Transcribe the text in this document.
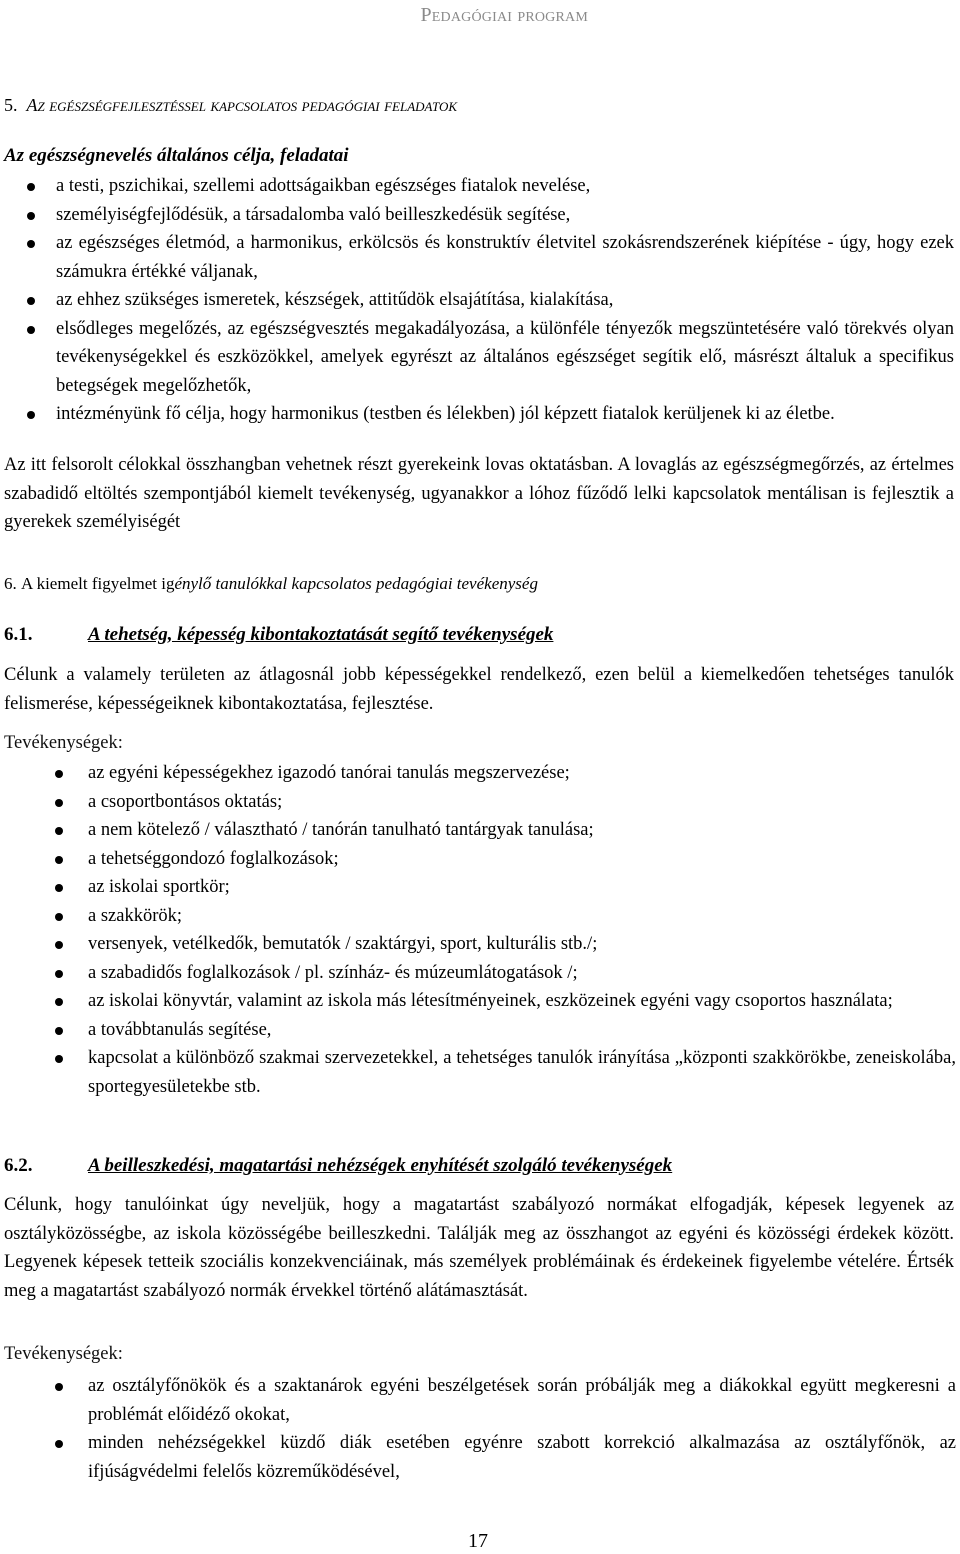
Pedagógiai program
5. Az egészségfejlesztéssel kapcsolatos pedagógiai feladatok
Az egészségnevelés általános célja, feladatai
a testi, pszichikai, szellemi adottságaikban egészséges fiatalok nevelése,
személyiségfejlődésük, a társadalomba való beilleszkedésük segítése,
az egészséges életmód, a harmonikus, erkölcsös és konstruktív életvitel szokásrendszerének kiépítése - úgy, hogy ezek számukra értékké váljanak,
az ehhez szükséges ismeretek, készségek, attitűdök elsajátítása, kialakítása,
elsődleges megelőzés, az egészségvesztés megakadályozása, a különféle tényezők megszüntetésére való törekvés olyan tevékenységekkel és eszközökkel, amelyek egyrészt az általános egészséget segítik elő, másrészt általuk a specifikus betegségek megelőzhetők,
intézményünk fő célja, hogy harmonikus (testben és lélekben) jól képzett fiatalok kerüljenek ki az életbe.
Az itt felsorolt célokkal összhangban vehetnek részt gyerekeink lovas oktatásban. A lovaglás az egészségmegőrzés, az értelmes szabadidő eltöltés szempontjából kiemelt tevékenység, ugyanakkor a lóhoz fűződő lelki kapcsolatok mentálisan is fejlesztik a gyerekek személyiségét
6. A kiemelt figyelmet igénylő tanulókkal kapcsolatos pedagógiai tevékenység
6.1.	A tehetség, képesség kibontakoztatását segítő tevékenységek
Célunk a valamely területen az átlagosnál jobb képességekkel rendelkező, ezen belül a kiemelkedően tehetséges tanulók felismerése, képességeiknek kibontakoztatása, fejlesztése.
Tevékenységek:
az egyéni képességekhez igazodó tanórai tanulás megszervezése;
a csoportbontásos oktatás;
a nem kötelező / választható / tanórán tanulható tantárgyak tanulása;
a tehetséggondozó foglalkozások;
az iskolai sportkör;
a szakkörök;
versenyek, vetélkedők, bemutatók / szaktárgyi, sport, kulturális stb./;
a szabadidős foglalkozások / pl. színház- és múzeumlátogatások /;
az iskolai könyvtár, valamint az iskola más létesítményeinek, eszközeinek egyéni vagy csoportos használata;
a továbbtanulás segítése,
kapcsolat a különböző szakmai szervezetekkel, a tehetséges tanulók irányítása „központi szakkörökbe, zeneiskolába, sportegyesületekbe stb.
6.2.	A beilleszkedési, magatartási nehézségek enyhítését szolgáló tevékenységek
Célunk, hogy tanulóinkat úgy neveljük, hogy a magatartást szabályozó normákat elfogadják, képesek legyenek az osztályközösségbe, az iskola közösségébe beilleszkedni. Találják meg az összhangot az egyéni és közösségi érdekek között. Legyenek képesek tetteik szociális konzekvenciáinak, más személyek problémáinak és érdekeinek figyelembe vételére. Értsék meg a magatartást szabályozó normák érvekkel történő alátámasztását.
Tevékenységek:
az osztályfőnökök és a szaktanárok egyéni beszélgetések során próbálják meg a diákokkal együtt megkeresni a problémát előidéző okokat,
minden nehézségekkel küzdő diák esetében egyénre szabott korrekció alkalmazása az osztályfőnök, az ifjúságvédelmi felelős közreműködésével,
17
